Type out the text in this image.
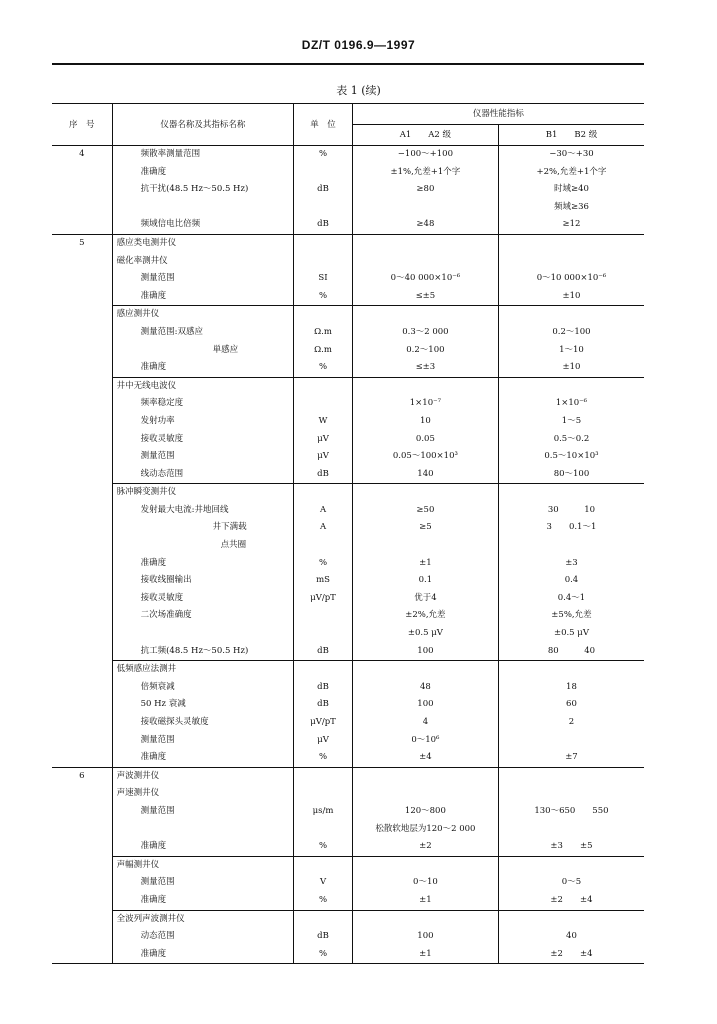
DZ/T 0196.9—1997
表 1 (续)
序　号	仪器名称及其指标名称	单　位	仪器性能指标	
			A1　　A2 级	B1　　B2 级
4	频散率测量范围	%	−100～+100	−30～+30
	准确度		±1%,允差+1个字	+2%,允差+1个字
	抗干扰(48.5 Hz～50.5 Hz)	dB	≥80	时域≥40
				频域≥36
	频域信电比倍频	dB	≥48	≥12
5	感应类电测井仪			
	磁化率测井仪			
	测量范围	SI	0～40 000×10⁻⁶	0～10 000×10⁻⁶
	准确度	%	≤±5	±10
	感应测井仪			
	测量范围:双感应	Ω.m	0.3～2 000	0.2～100
	単感应	Ω.m	0.2～100	1～10
	准确度	%	≤±3	±10
	井中无线电波仪			
	频率稳定度		1×10⁻⁷	1×10⁻⁶
	发射功率	W	10	1～5
	接收灵敏度	μV	0.05	0.5～0.2
	测量范围	μV	0.05～100×10³	0.5～10×10³
	线动态范围	dB	140	80～100
	脉冲瞬变测井仪			
	发射最大电流:井地回线	A	≥50	30　　　10
	井下满载	A	≥5	3　　0.1～1
	点共圈			
	准确度	%	±1	±3
	接收线圈输出	mS	0.1	0.4
	接收灵敏度	μV/pT	优于4	0.4～1
	二次场准确度		±2%,允差	±5%,允差
			±0.5 μV	±0.5 μV
	抗工频(48.5 Hz～50.5 Hz)	dB	100	80　　　40
	低频感应法测井			
	倍频衰减	dB	48	18
	50 Hz 衰减	dB	100	60
	接收磁探头灵敏度	μV/pT	4	2
	测量范围	μV	0～10⁶	
	准确度	%	±4	±7
6	声波测井仪			
	声速测井仪			
	测量范围	μs/m	120～800	130～650　　550
			松散软地层为120～2 000	
	准确度	%	±2	±3　　±5
	声幅测井仪			
	测量范围	V	0～10	0～5
	准确度	%	±1	±2　　±4
	全波列声波测井仪			
	动态范围	dB	100	40
	准确度	%	±1	±2　　±4
